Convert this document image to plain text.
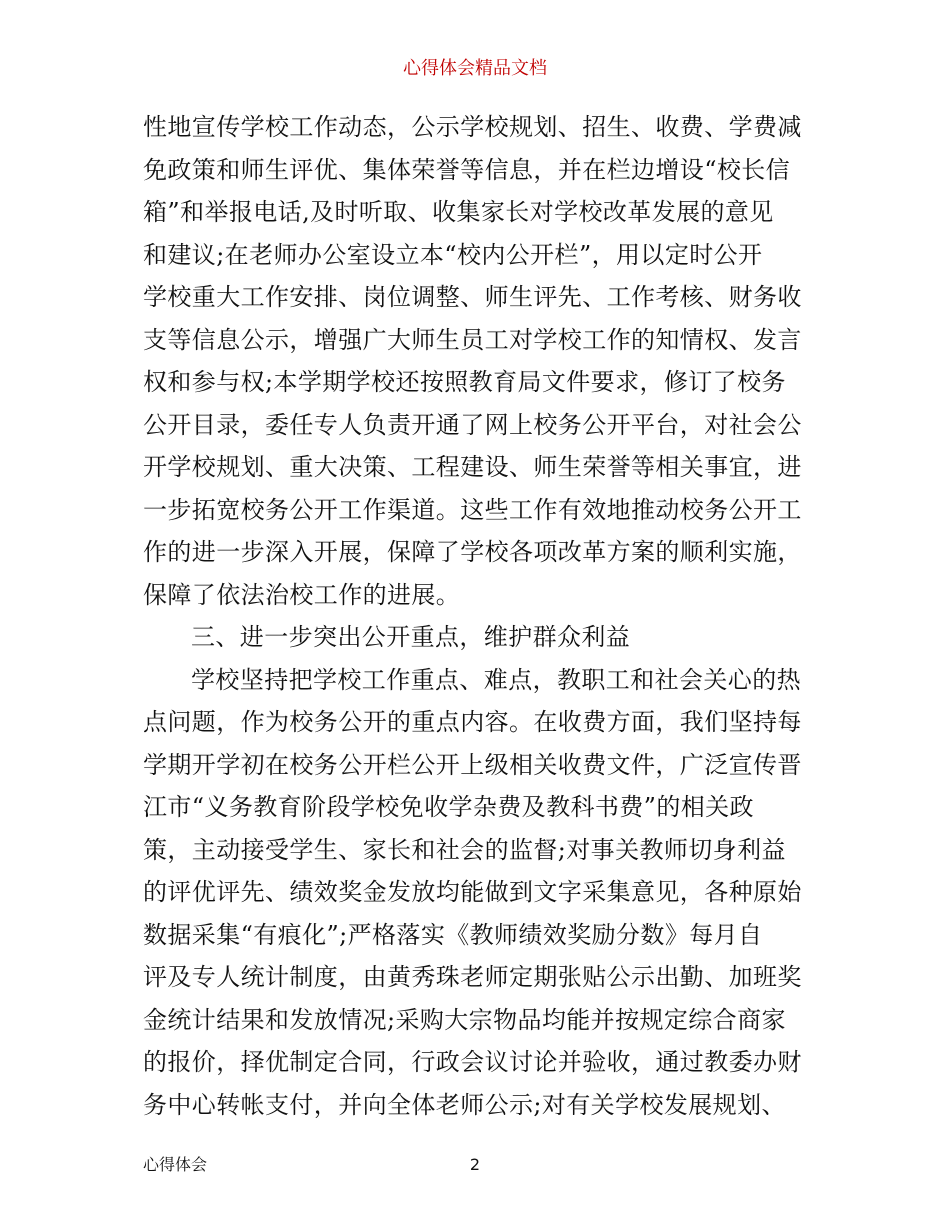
心得体会精品文档
性地宣传学校工作动态，公示学校规划、招生、收费、学费减
免政策和师生评优、集体荣誉等信息，并在栏边增设“校长信
箱”和举报电话,及时听取、收集家长对学校改革发展的意见
和建议;在老师办公室设立本“校内公开栏”，用以定时公开
学校重大工作安排、岗位调整、师生评先、工作考核、财务收
支等信息公示，增强广大师生员工对学校工作的知情权、发言
权和参与权;本学期学校还按照教育局文件要求，修订了校务
公开目录，委任专人负责开通了网上校务公开平台，对社会公
开学校规划、重大决策、工程建设、师生荣誉等相关事宜，进
一步拓宽校务公开工作渠道。这些工作有效地推动校务公开工
作的进一步深入开展，保障了学校各项改革方案的顺利实施，
保障了依法治校工作的进展。
三、进一步突出公开重点，维护群众利益
学校坚持把学校工作重点、难点，教职工和社会关心的热
点问题，作为校务公开的重点内容。在收费方面，我们坚持每
学期开学初在校务公开栏公开上级相关收费文件，广泛宣传晋
江市“义务教育阶段学校免收学杂费及教科书费”的相关政
策，主动接受学生、家长和社会的监督;对事关教师切身利益
的评优评先、绩效奖金发放均能做到文字采集意见，各种原始
数据采集“有痕化”;严格落实《教师绩效奖励分数》每月自
评及专人统计制度，由黄秀珠老师定期张贴公示出勤、加班奖
金统计结果和发放情况;采购大宗物品均能并按规定综合商家
的报价，择优制定合同，行政会议讨论并验收，通过教委办财
务中心转帐支付，并向全体老师公示;对有关学校发展规划、
心得体会	2
